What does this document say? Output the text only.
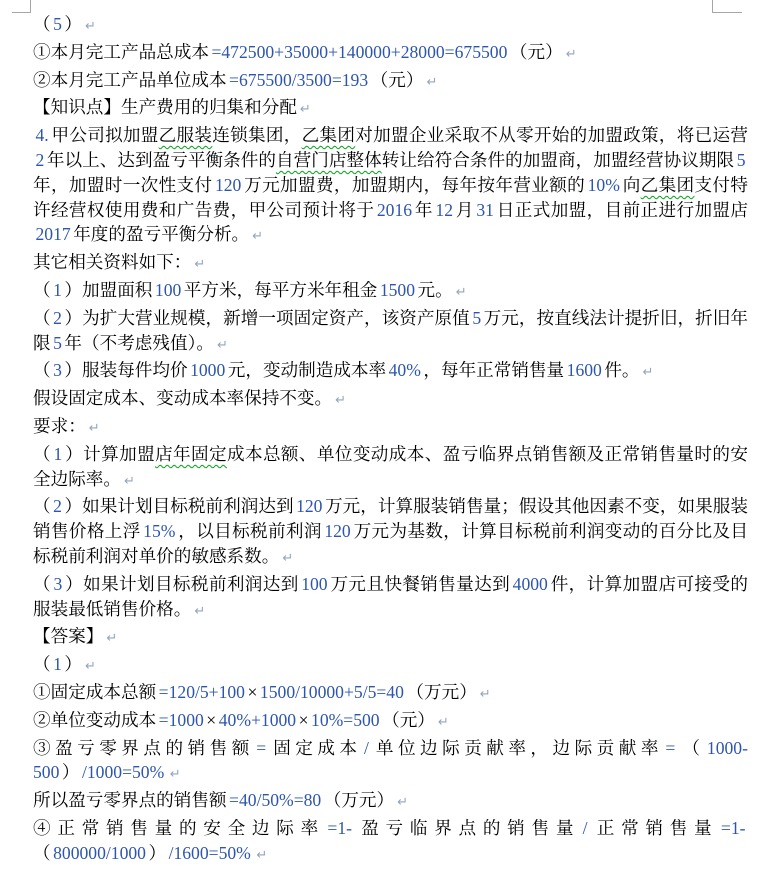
（ 5 ） ↵
①本月完工产品总成本 =472500+35000+140000+28000=675500 （元） ↵
②本月完工产品单位成本 =675500/3500=193 （元） ↵
【知识点】生产费用的归集和分配 ↵
4. 甲公司拟加盟乙服装连锁集团，乙集团对加盟企业采取不从零开始的加盟政策，将已运营2 年以上、达到盈亏平衡条件的自营门店整体转让给符合条件的加盟商，加盟经营协议期限 5年，加盟时一次性支付 120 万元加盟费，加盟期内，每年按年营业额的 10% 向乙集团支付特许经营权使用费和广告费，甲公司预计将于 2016 年 12 月 31 日正式加盟，目前正进行加盟店2017 年度的盈亏平衡分析。 ↵
其它相关资料如下： ↵
（ 1 ）加盟面积 100 平方米，每平方米年租金 1500 元。 ↵
（ 2 ）为扩大营业规模，新增一项固定资产，该资产原值 5 万元，按直线法计提折旧，折旧年限 5 年（不考虑残值）。 ↵
（ 3 ）服装每件均价 1000 元，变动制造成本率 40% ，每年正常销售量 1600 件。 ↵
假设固定成本、变动成本率保持不变。 ↵
要求： ↵
（ 1 ）计算加盟店年固定成本总额、单位变动成本、盈亏临界点销售额及正常销售量时的安全边际率。 ↵
（ 2 ）如果计划目标税前利润达到 120 万元，计算服装销售量；假设其他因素不变，如果服装销售价格上浮 15% ，以目标税前利润 120 万元为基数，计算目标税前利润变动的百分比及目标税前利润对单价的敏感系数。 ↵
（ 3 ）如果计划目标税前利润达到 100 万元且快餐销售量达到 4000 件，计算加盟店可接受的服装最低销售价格。 ↵
【答案】 ↵
（ 1 ） ↵
①固定成本总额 =120/5+100 × 1500/10000+5/5=40 （万元） ↵
②单位变动成本 =1000 × 40%+1000 × 10%=500 （元） ↵
③盈亏零界点的销售额 = 固定成本 / 单位边际贡献率，边际贡献率 = （ 1000-500 ） /1000=50% ↵
所以盈亏零界点的销售额 =40/50%=80 （万元） ↵
④正常销售量的安全边际率 =1- 盈亏临界点的销售量 / 正常销售量 =1-（ 800000/1000 ） /1600=50% ↵
